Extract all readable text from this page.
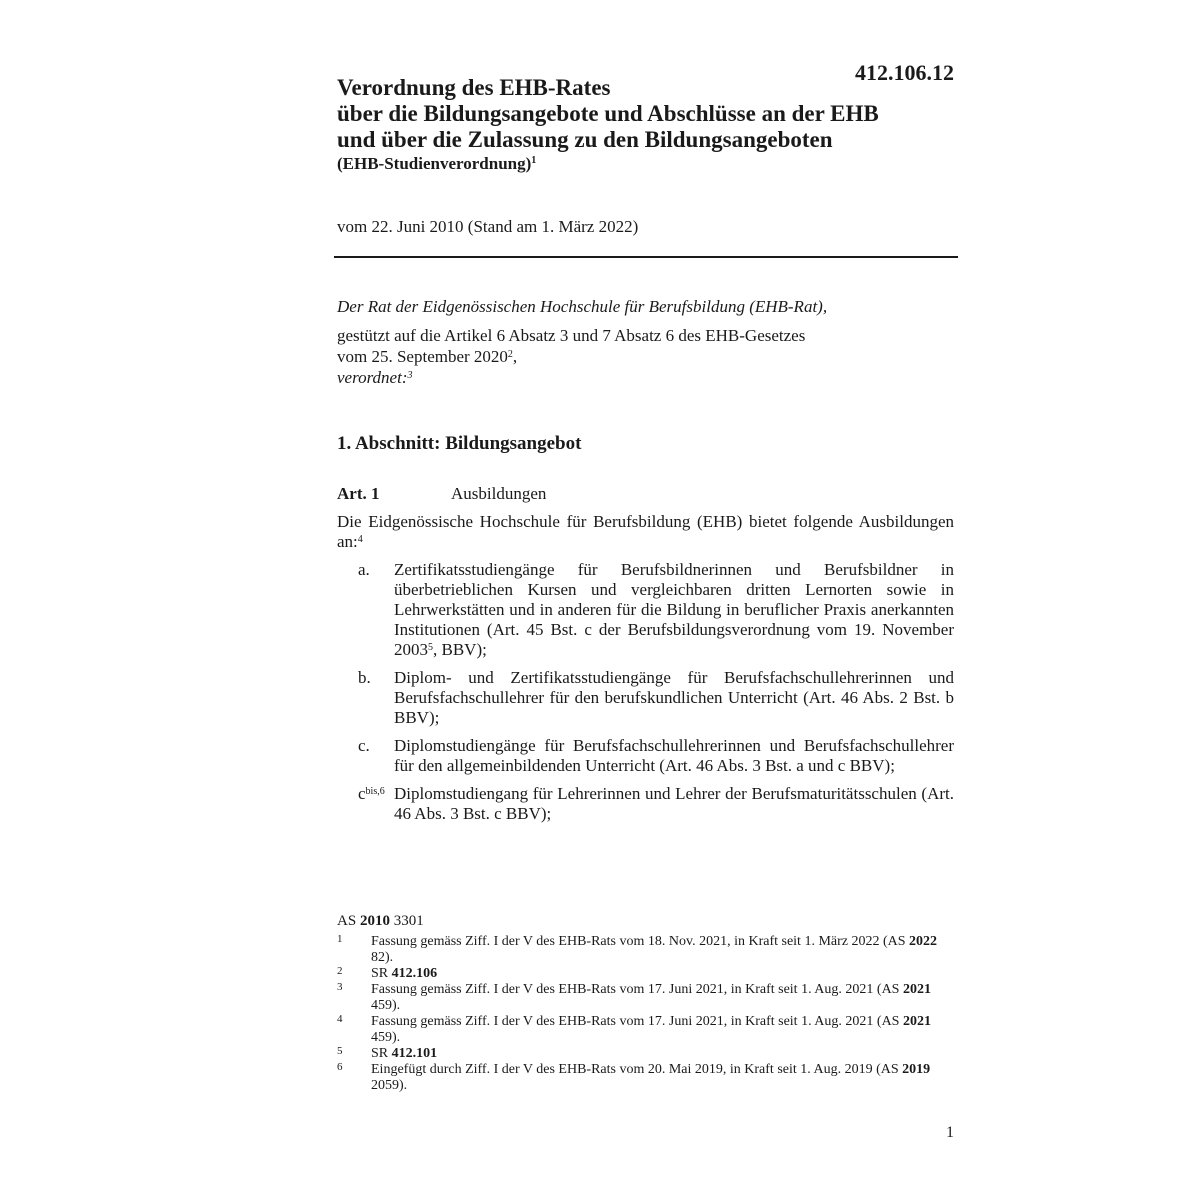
412.106.12
Verordnung des EHB-Rates
über die Bildungsangebote und Abschlüsse an der EHB
und über die Zulassung zu den Bildungsangeboten
(EHB-Studienverordnung)$^1$
vom 22. Juni 2010 (Stand am 1. März 2022)
Der Rat der Eidgenössischen Hochschule für Berufsbildung (EHB-Rat),
gestützt auf die Artikel 6 Absatz 3 und 7 Absatz 6 des EHB-Gesetzes
vom 25. September 2020$^2$,
verordnet:$^3$
1. Abschnitt: Bildungsangebot
Art. 1	Ausbildungen

Die Eidgenössische Hochschule für Berufsbildung (EHB) bietet folgende Ausbildungen an:$^4$

a. Zertifikatsstudiengänge für Berufsbildnerinnen und Berufsbildner in überbetrieblichen Kursen und vergleichbaren dritten Lernorten sowie in Lehrwerkstätten und in anderen für die Bildung in beruflicher Praxis anerkannten Institutionen (Art. 45 Bst. c der Berufsbildungsverordnung vom 19. November 2003$^5$, BBV);
b. Diplom- und Zertifikatsstudiengänge für Berufsfachschullehrerinnen und Berufsfachschullehrer für den berufskundlichen Unterricht (Art. 46 Abs. 2 Bst. b BBV);
c. Diplomstudiengänge für Berufsfachschullehrerinnen und Berufsfachschullehrer für den allgemeinbildenden Unterricht (Art. 46 Abs. 3 Bst. a und c BBV);
$c^{bis,6}$ Diplomstudiengang für Lehrerinnen und Lehrer der Berufsmaturitätsschulen (Art. 46 Abs. 3 Bst. c BBV);
AS 2010 3301
1 Fassung gemäss Ziff. I der V des EHB-Rats vom 18. Nov. 2021, in Kraft seit 1. März 2022 (AS 2022 82).
2 SR 412.106
3 Fassung gemäss Ziff. I der V des EHB-Rats vom 17. Juni 2021, in Kraft seit 1. Aug. 2021 (AS 2021 459).
4 Fassung gemäss Ziff. I der V des EHB-Rats vom 17. Juni 2021, in Kraft seit 1. Aug. 2021 (AS 2021 459).
5 SR 412.101
6 Eingefügt durch Ziff. I der V des EHB-Rats vom 20. Mai 2019, in Kraft seit 1. Aug. 2019 (AS 2019 2059).
1
